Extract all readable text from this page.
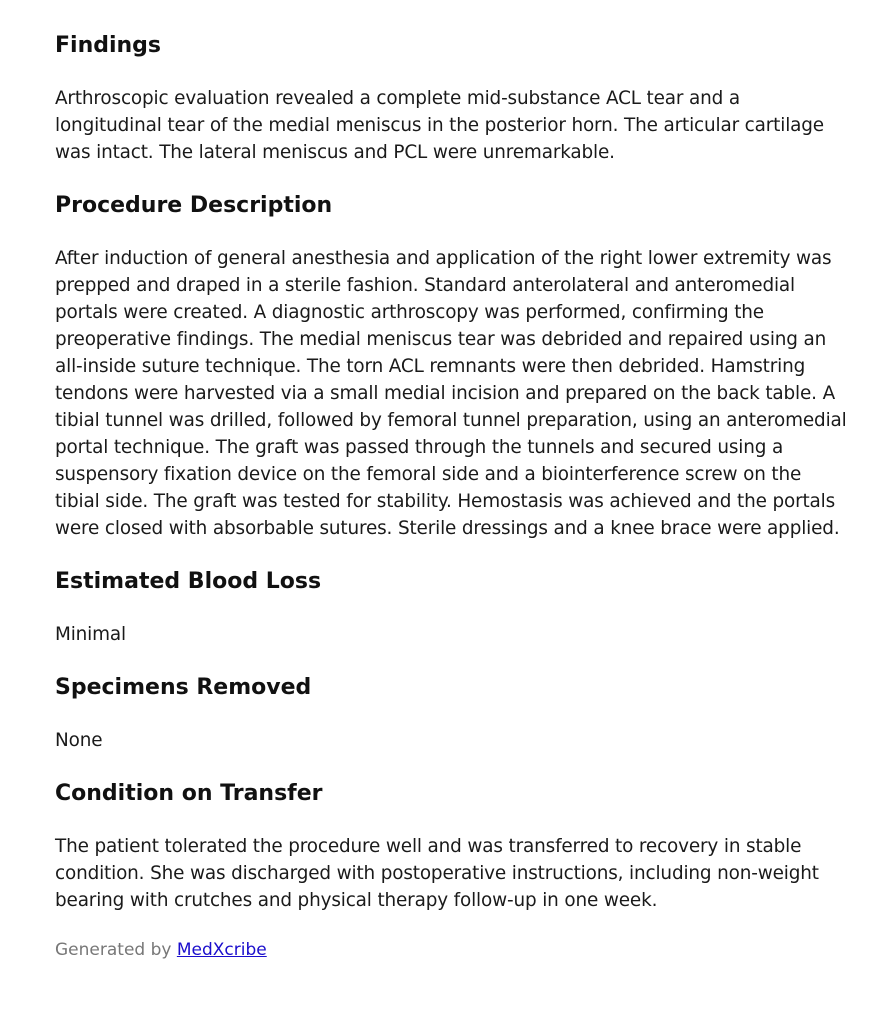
Findings

Arthroscopic evaluation revealed a complete mid-substance ACL tear and a longitudinal tear of the medial meniscus in the posterior horn. The articular cartilage was intact. The lateral meniscus and PCL were unremarkable.

Procedure Description

After induction of general anesthesia and application of the right lower extremity was prepped and draped in a sterile fashion. Standard anterolateral and anteromedial portals were created. A diagnostic arthroscopy was performed, confirming the preoperative findings. The medial meniscus tear was debrided and repaired using an all-inside suture technique. The torn ACL remnants were then debrided. Hamstring tendons were harvested via a small medial incision and prepared on the back table. A tibial tunnel was drilled, followed by femoral tunnel preparation, using an anteromedial portal technique. The graft was passed through the tunnels and secured using a suspensory fixation device on the femoral side and a biointerference screw on the tibial side. The graft was tested for stability. Hemostasis was achieved and the portals were closed with absorbable sutures. Sterile dressings and a knee brace were applied.

Estimated Blood Loss

Minimal

Specimens Removed

None

Condition on Transfer

The patient tolerated the procedure well and was transferred to recovery in stable condition. She was discharged with postoperative instructions, including non-weight bearing with crutches and physical therapy follow-up in one week.

Generated by MedXcribe
